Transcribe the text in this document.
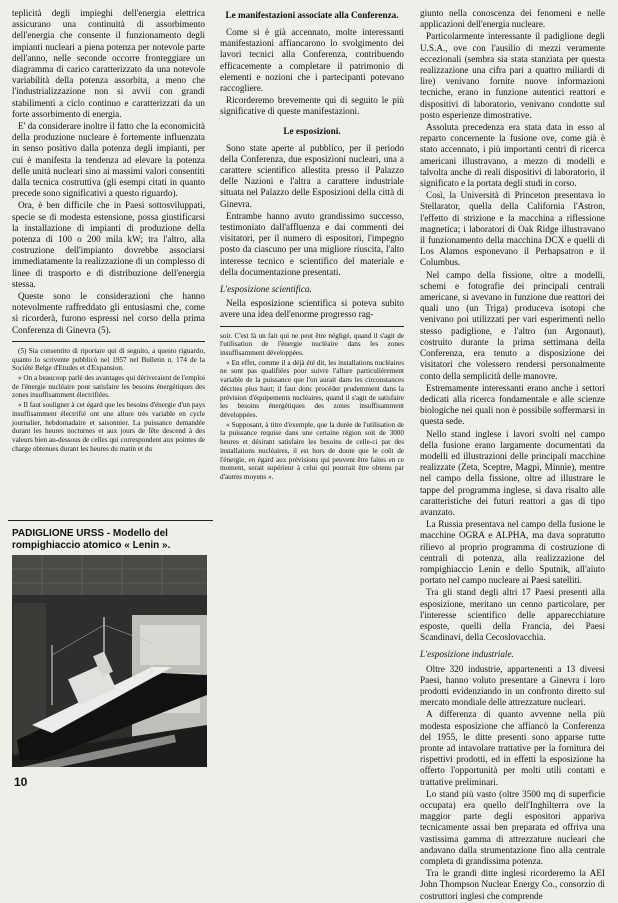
teplicità degli impieghi dell'energia elettrica assicurano una continuità di assorbimento dell'energia che consente il funzionamento degli impianti nucleari a piena potenza per notevole parte dell'anno, nelle seconde occorre fronteggiare un diagramma di carico caratterizzato da una notevole variabilità della potenza assorbita, a meno che l'industrializzazione non si avvii con grandi stabilimenti a ciclo continuo e caratterizzati da un forte assorbimento di energia.

E' da considerare inoltre il fatto che la economicità della produzione nucleare è fortemente influenzata in senso positivo dalla potenza degli impianti, per cui è manifesta la tendenza ad elevare la potenza delle unità nucleari sino ai massimi valori consentiti dalla tecnica costruttiva (gli esempi citati in quanto precede sono significativi a questo riguardo).

Ora, è ben difficile che in Paesi sottosviluppati, specie se di modesta estensione, possa giustificarsi la installazione di impianti di produzione della potenza di 100 o 200 mila kW; tra l'altro, alla costruzione dell'impianto dovrebbe associarsi immediatamente la realizzazione di un complesso di linee di trasporto e di distribuzione dell'energia stessa.

Queste sono le considerazioni che hanno notevolmente raffreddato gli entusiasmi che, come si ricorderà, furono espressi nel corso della prima Conferenza di Ginevra (5).

(5) Sia consentito di riportare qui di seguito, a questo riguardo, quanto lo scrivente pubblicò nel 1957 nel Bulletin n. 174 de la Société Belge d'Etudes et d'Expansion.

« On a beaucoup parlé des avantages qui dériveraient de l'emploi de l'énergie nucléaire pour satisfaire les besoins énergétiques des zones insuffisamment électrifiées.

« Il faut souligner à cet égard que les besoins d'énergie d'un pays insuffisamment électrifié ont une allure très variable en cycle journalier, hebdomadaire et saisonnier. La puissance demandée durant les heures nocturnes et aux jours de fête descend à des valeurs bien au-dessous de celles qui correspondent aux pointes de charge obtenues durant les heures du matin et du

PADIGLIONE URSS - Modello del rompighiaccio atomico « Lenin ».
10
Le manifestazioni associate alla Conferenza.

Come si è già accennato, molte interessanti manifestazioni affiancarono lo svolgimento dei lavori tecnici alla Conferenza, contribuendo efficacemente a completare il patrimonio di elementi e nozioni che i partecipanti potevano raccogliere.

Ricorderemo brevemente qui di seguito le più significative di queste manifestazioni.

Le esposizioni.

Sono state aperte al pubblico, per il periodo della Conferenza, due esposizioni nucleari, una a carattere scientifico allestita presso il Palazzo delle Nazioni e l'altra a carattere industriale situata nel Palazzo delle Esposizioni della città di Ginevra.

Entrambe hanno avuto grandissimo successo, testimoniato dall'affluenza e dai commenti dei visitatori, per il numero di espositori, l'impegno posto da ciascuno per una migliore riuscita, l'alto interesse tecnico e scientifico del materiale e della documentazione presentati.

L'esposizione scientifica.

Nella esposizione scientifica si poteva subito avere una idea dell'enorme progresso rag-

soir. C'est là un fait qui ne peut être négligé, quand il s'agit de l'utilisation de l'énergie nucléaire dans les zones insuffisamment développées.

« En effet, comme il a déjà été dit, les installations nucléaires ne sont pas qualifiées pour suivre l'allure particulièrement variable de la puissance que l'on aurait dans les circonstances décrites plus haut; il faut donc procéder prudemment dans la prévision d'équipements nucléaires, quand il s'agit de satisfaire les besoins énergétiques des zones insuffisamment développées.

« Supposant, à titre d'exemple, que la durée de l'utilisation de la puissance requise dans une certaine région soit de 3000 heures et désirant satisfaire les besoins de celle-ci par des installations nucléaires, il est hors de doute que le coût de l'énergie, en égard aux prévisions qui peuvent être faites en ce moment, serait supérieur à celui qui pourrait être obtenu par d'autres moyens ».

giunto nella conoscenza dei fenomeni e nelle applicazioni dell'energia nucleare.

Particolarmente interessante il padiglione degli U.S.A., ove con l'ausilio di mezzi veramente eccezionali (sembra sia stata stanziata per questa realizzazione una cifra pari a quattro miliardi di lire) venivano fornite nuove informazioni tecniche, erano in funzione autentici reattori e dispositivi di laboratorio, venivano condotte sul posto esperienze dimostrative.

Assolutа precedenza era stata data in esso al reparto concernente la fusione ove, come già è stato accennato, i più importanti centri di ricerca americani illustravano, a mezzo di modelli e talvolta anche di reali dispositivi di laboratorio, il significato e la portata degli studi in corso.

Così, la Università di Princeton presentava lo Stellarator, quella della California l'Astron, l'effetto di strizione e la macchina a riflessione magnetica; i laboratori di Oak Ridge illustravano il funzionamento della macchina DCX e quelli di Los Alamos esponevano il Perhapsatron e il Columbus.

Nel campo della fissione, oltre a modelli, schemi e fotografie dei principali centrali americane, si avevano in funzione due reattori dei quali uno (un Triga) produceva isotopi che venivano poi utilizzati per vari esperimenti nello stesso padiglione, e l'altro (un Argonaut), costruito durante la prima settimana della Conferenza, era tenuto a disposizione dei visitatori che volessero rendersi personalmente conto della semplicità delle manovre.

Estremamente interessanti erano anche i settori dedicati alla ricerca fondamentale e alle scienze biologiche nei quali non è possibile soffermarsi in questa sede.

Nello stand inglese i lavori svolti nel campo della fusione erano largamente documentati da modelli ed illustrazioni delle principali macchine realizzate (Zeta, Sceptre, Magpi, Minnie), mentre nel campo della fissione, oltre ad illustrare le tappe del programma inglese, si dava risalto alle caratteristiche dei futuri reattori a gas di tipo avanzato.

La Russia presentava nel campo della fusione le macchine OGRA e ALPHA, ma dava sopratutto rilievo al proprio programma di costruzione di centrali di potenza, alla realizzazione del rompighiaccio Lenin e dello Sputnik, all'aiuto portato nel campo nucleare ai Paesi satelliti.

Tra gli stand degli altri 17 Paesi presenti alla esposizione, meritano un cenno particolare, per l'interesse scientifico delle apparecchiature esposte, quelli della Francia, dei Paesi Scandinavi, della Cecoslovacchia.

L'esposizione industriale.

Oltre 320 industrie, appartenenti a 13 diversi Paesi, hanno voluto presentare a Ginevra i loro prodotti evidenziando in un confronto diretto sul mercato mondiale delle attrezzature nucleari.

A differenza di quanto avvenne nella più modesta esposizione che affiancò la Conferenza del 1955, le ditte presenti sono apparse tutte pronte ad intavolare trattative per la fornitura dei rispettivi prodotti, ed in effetti la esposizione ha offerto l'opportunità per molti utili contatti e trattative preliminari.

Lo stand più vasto (oltre 3500 mq di superficie occupata) era quello dell'Inghilterra ove la maggior parte degli espositori appariva tecnicamente assai ben preparata ed offriva una vastissima gamma di attrezzature nucleari che andavano dalla strumentazione fino alla centrale completa di grandissima potenza.

Tra le grandi ditte inglesi ricorderemo la AEI John Thompson Nuclear Energy Co., consorzio di costruttori inglesi che comprende
